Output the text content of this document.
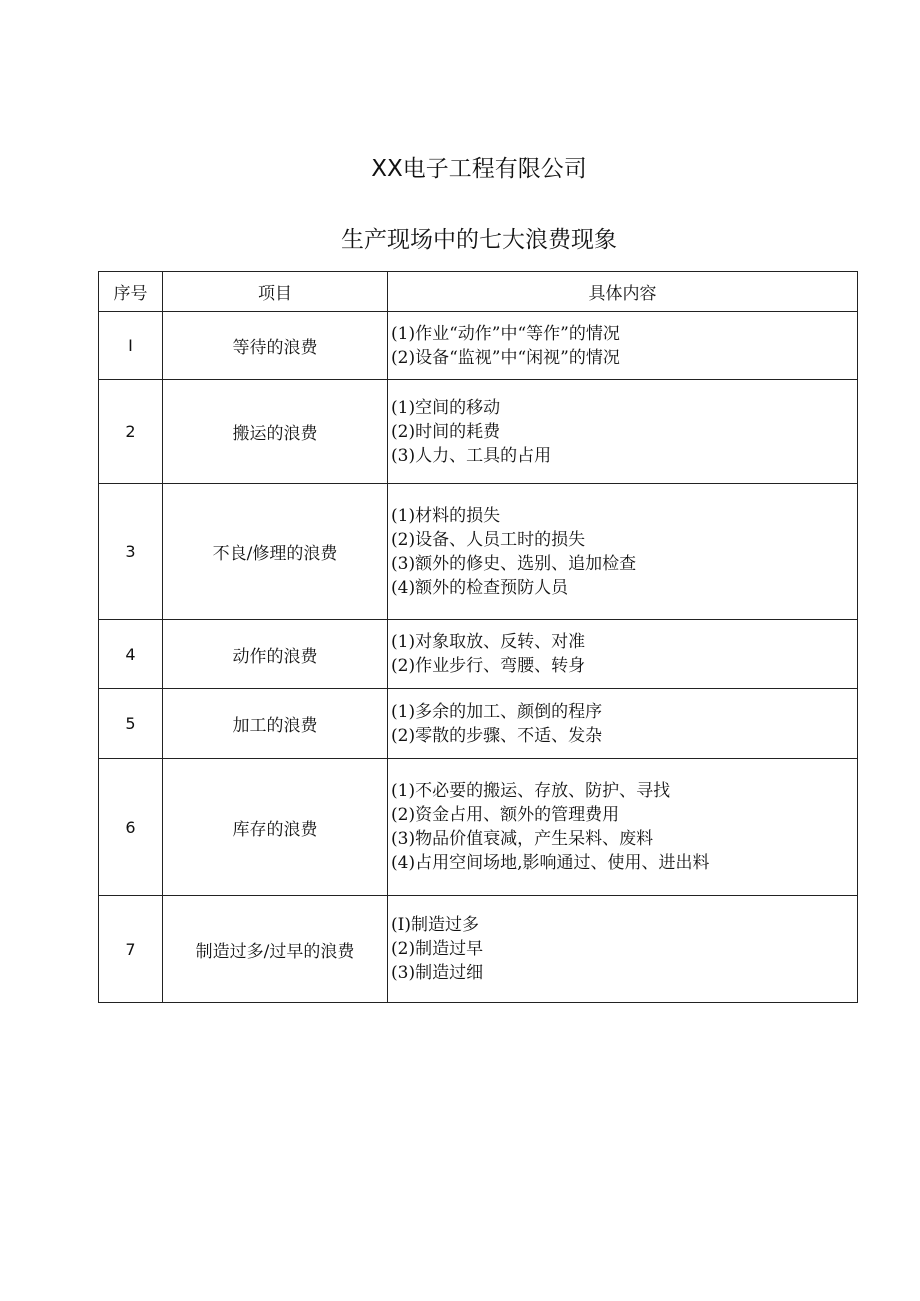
XX电子工程有限公司
生产现场中的七大浪费现象
序号	项目	具体内容
I	等待的浪费	(1)作业“动作”中“等作”的情况
(2)设备“监视”中“闲视”的情况

2	搬运的浪费	(1)空间的移动
(2)时间的耗费
(3)人力、工具的占用

3	不良/修理的浪费	(1)材料的损失
(2)设备、人员工时的损失
(3)额外的修史、选别、追加检查
(4)额外的检查预防人员

4	动作的浪费	(1)对象取放、反转、对准
(2)作业步行、弯腰、转身

5	加工的浪费	(1)多余的加工、颜倒的程序
(2)零散的步骤、不适、发杂

6	库存的浪费	(1)不必要的搬运、存放、防护、寻找
(2)资金占用、额外的管理费用
(3)物品价值衰减，产生呆料、废料
(4)占用空间场地,影响通过、使用、进出料

7	制造过多/过早的浪费	(I)制造过多
(2)制造过早
(3)制造过细
